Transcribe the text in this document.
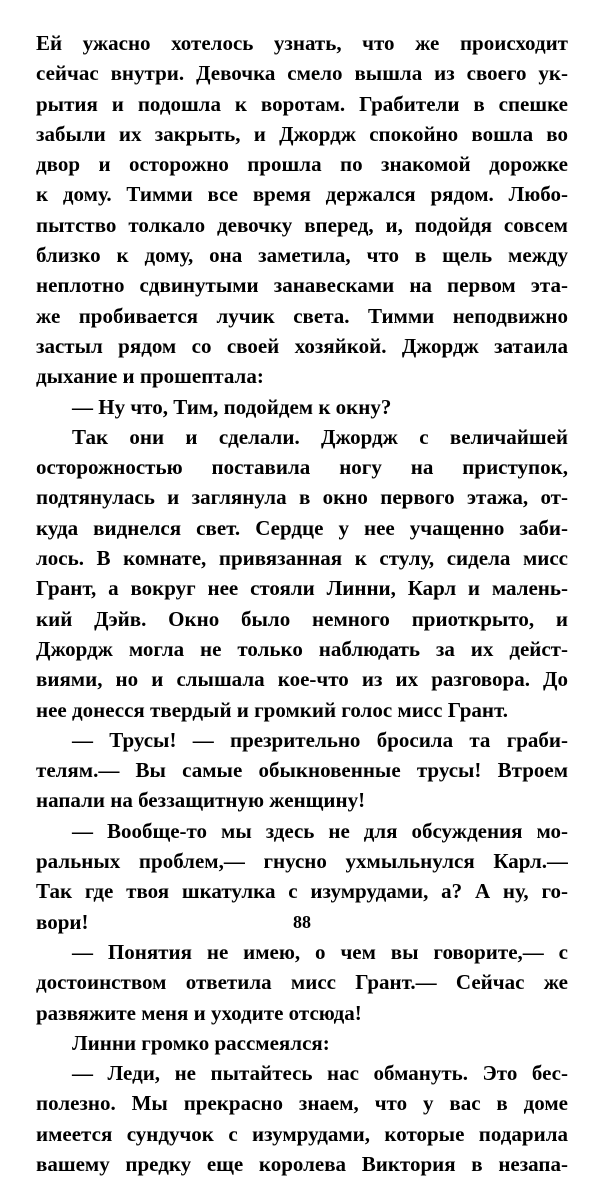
Ей ужасно хотелось узнать, что же происходит
сейчас внутри. Девочка смело вышла из своего ук-
рытия и подошла к воротам. Грабители в спешке
забыли их закрыть, и Джордж спокойно вошла во
двор и осторожно прошла по знакомой дорожке
к дому. Тимми все время держался рядом. Любо-
пытство толкало девочку вперед, и, подойдя совсем
близко к дому, она заметила, что в щель между
неплотно сдвинутыми занавесками на первом эта-
же пробивается лучик света. Тимми неподвижно
застыл рядом со своей хозяйкой. Джордж затаила
дыхание и прошептала:
— Ну что, Тим, подойдем к окну?
Так они и сделали. Джордж с величайшей
осторожностью поставила ногу на приступок,
подтянулась и заглянула в окно первого этажа, от-
куда виднелся свет. Сердце у нее учащенно заби-
лось. В комнате, привязанная к стулу, сидела мисс
Грант, а вокруг нее стояли Линни, Карл и малень-
кий Дэйв. Окно было немного приоткрыто, и
Джордж могла не только наблюдать за их дейст-
виями, но и слышала кое-что из их разговора. До
нее донесся твердый и громкий голос мисс Грант.
— Трусы! — презрительно бросила та граби-
телям.— Вы самые обыкновенные трусы! Втроем
напали на беззащитную женщину!
— Вообще-то мы здесь не для обсуждения мо-
ральных проблем,— гнусно ухмыльнулся Карл.—
Так где твоя шкатулка с изумрудами, а? А ну, го-
вори!
— Понятия не имею, о чем вы говорите,— с
достоинством ответила мисс Грант.— Сейчас же
развяжите меня и уходите отсюда!
Линни громко рассмеялся:
— Леди, не пытайтесь нас обмануть. Это бес-
полезно. Мы прекрасно знаем, что у вас в доме
имеется сундучок с изумрудами, которые подарила
вашему предку еще королева Виктория в незапа-
88
